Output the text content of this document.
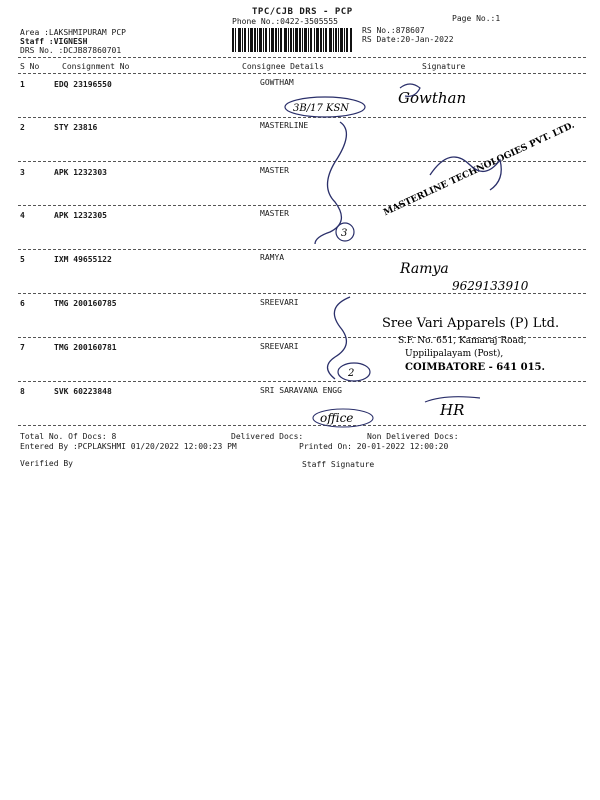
TPC/CJB DRS - PCP
Phone No.:0422-3505555	Page No.:1
Area :LAKSHMIPURAM PCP
Staff :VIGNESH
DRS No. :DCJB87860701
RS No.:878607
RS Date:20-Jan-2022
S No	Consignment No	Consignee Details	Signature
1	EDQ 23196550	GOWTHAM
2	STY 23816	MASTERLINE
3	APK 1232303	MASTER
4	APK 1232305	MASTER
5	IXM 49655122	RAMYA
6	TMG 200160785	SREEVARI
7	TMG 200160781	SREEVARI
8	SVK 60223848	SRI SARAVANA ENGG
3B/17 KSN
Gowthan
3
MASTERLINE TECHNOLOGIES PVT. LTD.
Ramya
9629133910
2
Sree Vari Apparels (P) Ltd.
S.F. No. 651, Kamaraj Road,
Uppilipalayam (Post),
COIMBATORE - 641 015.
office	HR
Total No. Of Docs: 8	Delivered Docs:	Non Delivered Docs:
Entered By :PCPLAKSHMI 01/20/2022 12:00:23 PM	Printed On: 20-01-2022 12:00:20
Verified By	Staff Signature
